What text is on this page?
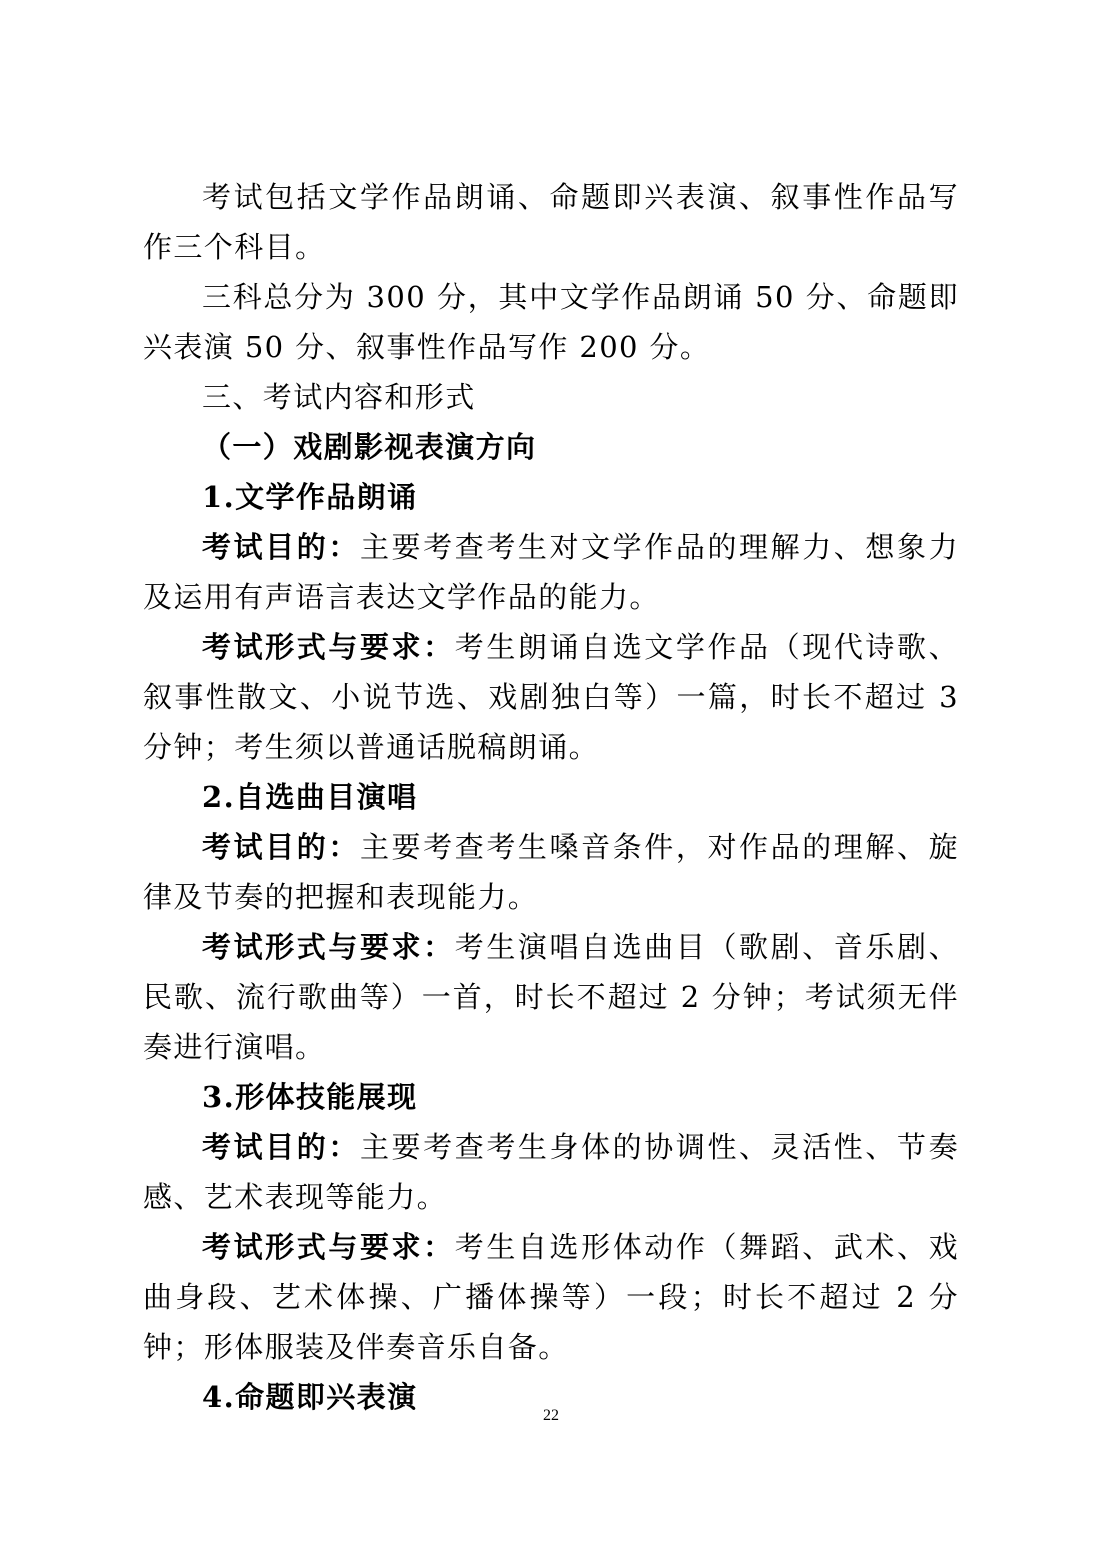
考试包括文学作品朗诵、命题即兴表演、叙事性作品写作三个科目。

三科总分为 300 分，其中文学作品朗诵 50 分、命题即兴表演 50 分、叙事性作品写作 200 分。

三、考试内容和形式

（一）戏剧影视表演方向

1.文学作品朗诵

考试目的：主要考查考生对文学作品的理解力、想象力及运用有声语言表达文学作品的能力。

考试形式与要求：考生朗诵自选文学作品（现代诗歌、叙事性散文、小说节选、戏剧独白等）一篇，时长不超过 3 分钟；考生须以普通话脱稿朗诵。

2.自选曲目演唱

考试目的：主要考查考生嗓音条件，对作品的理解、旋律及节奏的把握和表现能力。

考试形式与要求：考生演唱自选曲目（歌剧、音乐剧、民歌、流行歌曲等）一首，时长不超过 2 分钟；考试须无伴奏进行演唱。

3.形体技能展现

考试目的：主要考查考生身体的协调性、灵活性、节奏感、艺术表现等能力。

考试形式与要求：考生自选形体动作（舞蹈、武术、戏曲身段、艺术体操、广播体操等）一段；时长不超过 2 分钟；形体服装及伴奏音乐自备。

4.命题即兴表演

22
